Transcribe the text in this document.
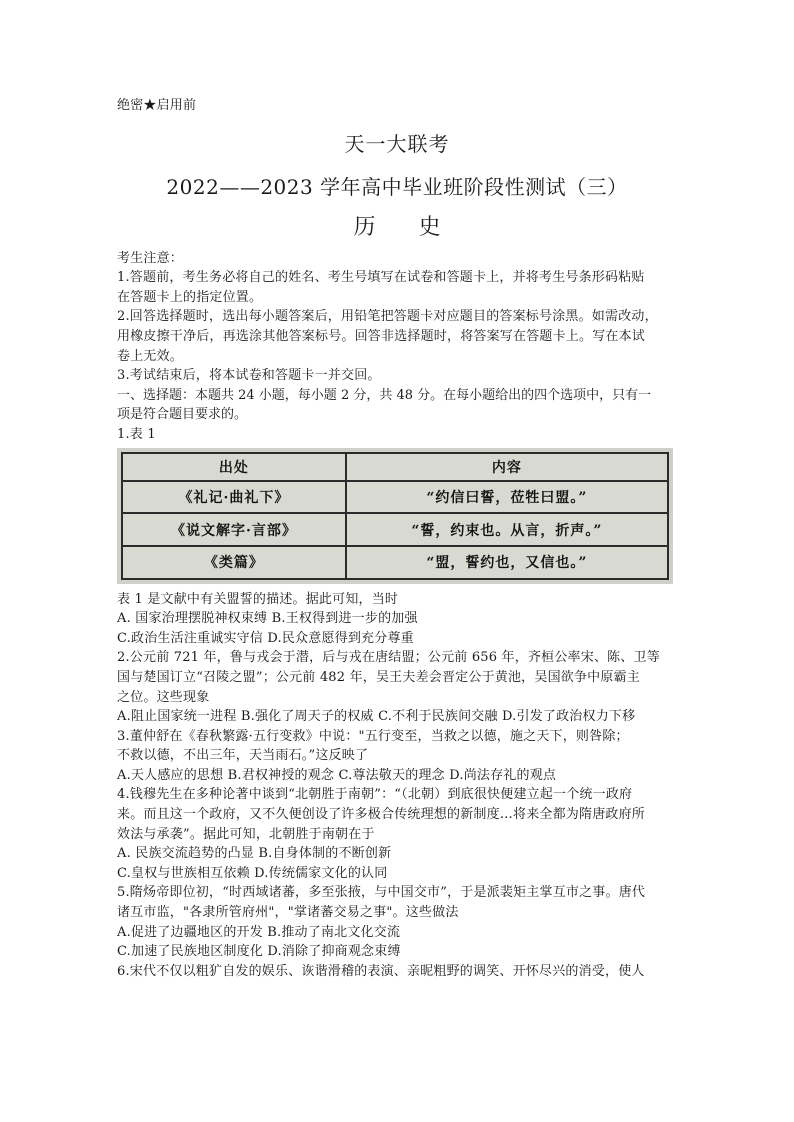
绝密★启用前
天一大联考
2022——2023 学年高中毕业班阶段性测试（三）
历 史
考生注意：
1.答题前，考生务必将自己的姓名、考生号填写在试卷和答题卡上，并将考生号条形码粘贴
在答题卡上的指定位置。
2.回答选择题时，选出每小题答案后，用铅笔把答题卡对应题目的答案标号涂黑。如需改动，
用橡皮擦干净后，再选涂其他答案标号。回答非选择题时，将答案写在答题卡上。写在本试
卷上无效。
3.考试结束后，将本试卷和答题卡一并交回。
一、选择题：本题共 24 小题，每小题 2 分，共 48 分。在每小题给出的四个选项中，只有一
项是符合题目要求的。
1.表 1
出处	内容
《礼记·曲礼下》	“约信曰誓，莅牲曰盟。”
《说文解字·言部》	“誓，约束也。从言，折声。”
《类篇》	“盟，誓约也，又信也。”
表 1 是文献中有关盟誓的描述。据此可知，当时
A. 国家治理摆脱神权束缚 B.王权得到进一步的加强
C.政治生活注重诚实守信 D.民众意愿得到充分尊重
2.公元前 721 年，鲁与戎会于潜，后与戎在唐结盟；公元前 656 年，齐桓公率宋、陈、卫等
国与楚国订立“召陵之盟”；公元前 482 年，吴王夫差会晋定公于黄池，吴国欲争中原霸主
之位。这些现象
A.阻止国家统一进程 B.强化了周天子的权威 C.不利于民族间交融 D.引发了政治权力下移
3.董仲舒在《春秋繁露·五行变救》中说："五行变至，当救之以德，施之天下，则咎除；
不救以德，不出三年，天当雨石。”这反映了
A.天人感应的思想 B.君权神授的观念 C.尊法敬天的理念 D.尚法存礼的观点
4.钱穆先生在多种论著中谈到“北朝胜于南朝”：“（北朝）到底很快便建立起一个统一政府
来。而且这一个政府，又不久便创设了许多极合传统理想的新制度…将来全都为隋唐政府所
效法与承袭”。据此可知，北朝胜于南朝在于
A. 民族交流趋势的凸显 B.自身体制的不断创新
C.皇权与世族相互依赖 D.传统儒家文化的认同
5.隋炀帝即位初，“时西域诸蕃，多至张掖，与中国交市”，于是派裴矩主掌互市之事。唐代
诸互市监，"各隶所管府州"，"掌诸蕃交易之事"。这些做法
A.促进了边疆地区的开发 B.推动了南北文化交流
C.加速了民族地区制度化 D.消除了抑商观念束缚
6.宋代不仅以粗犷自发的娱乐、诙谐滑稽的表演、亲昵粗野的调笑、开怀尽兴的消受，使人
